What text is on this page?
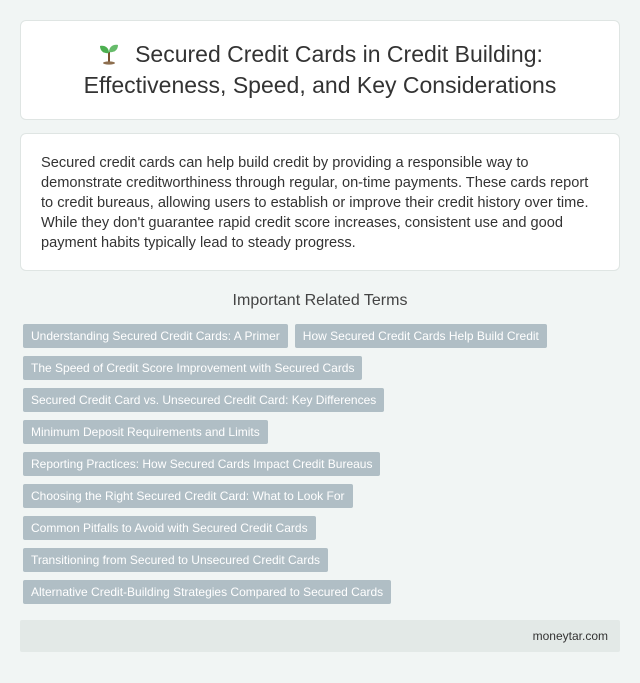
Secured Credit Cards in Credit Building: Effectiveness, Speed, and Key Considerations

Secured credit cards can help build credit by providing a responsible way to demonstrate creditworthiness through regular, on-time payments. These cards report to credit bureaus, allowing users to establish or improve their credit history over time. While they don't guarantee rapid credit score increases, consistent use and good payment habits typically lead to steady progress.

Important Related Terms
Understanding Secured Credit Cards: A Primer	How Secured Credit Cards Help Build Credit
The Speed of Credit Score Improvement with Secured Cards
Secured Credit Card vs. Unsecured Credit Card: Key Differences
Minimum Deposit Requirements and Limits
Reporting Practices: How Secured Cards Impact Credit Bureaus
Choosing the Right Secured Credit Card: What to Look For
Common Pitfalls to Avoid with Secured Credit Cards
Transitioning from Secured to Unsecured Credit Cards
Alternative Credit-Building Strategies Compared to Secured Cards
moneytar.com
